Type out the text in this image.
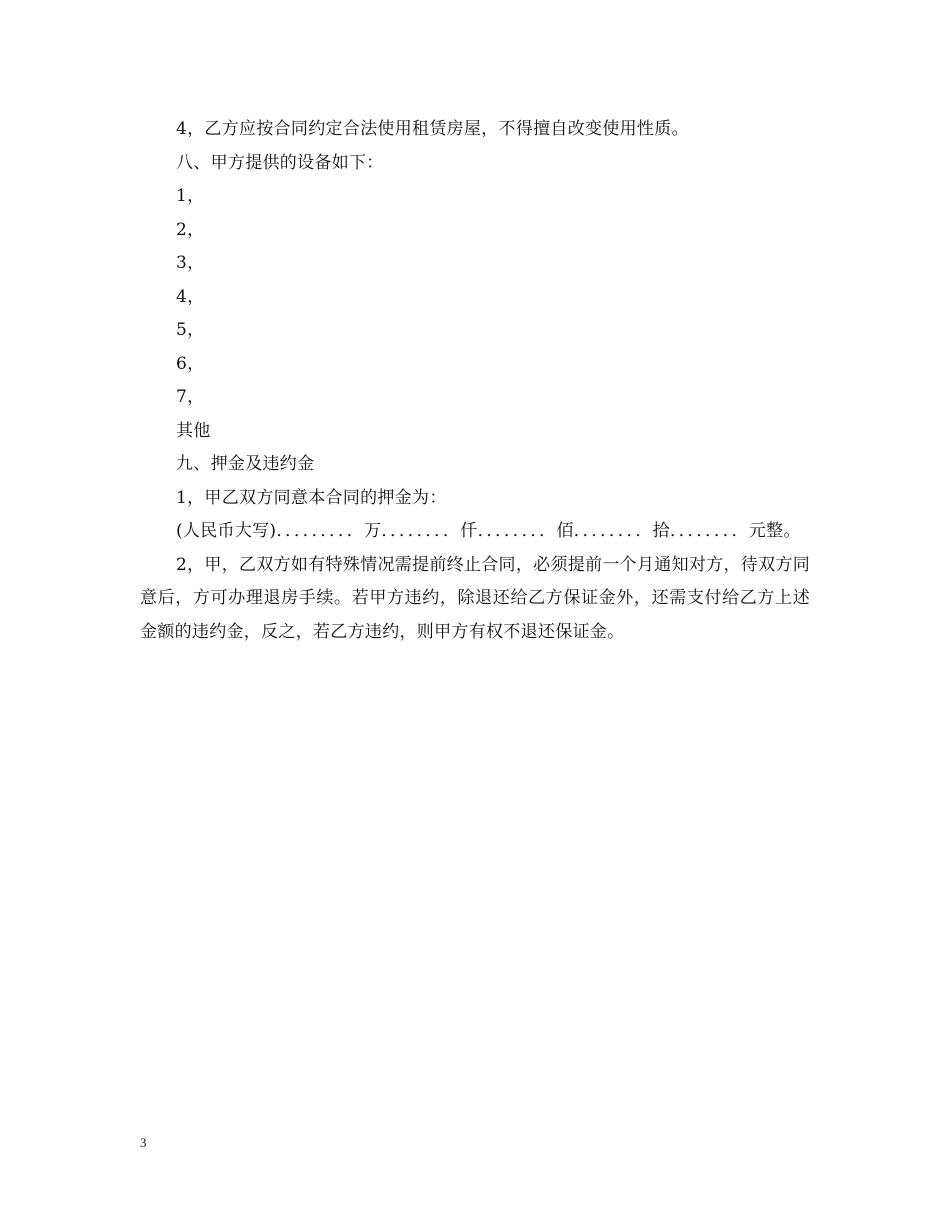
4，乙方应按合同约定合法使用租赁房屋，不得擅自改变使用性质。
八、甲方提供的设备如下：
1，
2，
3，
4，
5，
6，
7，
其他
九、押金及违约金
1，甲乙双方同意本合同的押金为：
(人民币大写)．．．．．．．．．万．．．．．．．．仟．．．．．．．．佰．．．．．．．．拾．．．．．．．．元整。

2，甲，乙双方如有特殊情况需提前终止合同，必须提前一个月通知对方，待双方同意后，方可办理退房手续。若甲方违约，除退还给乙方保证金外，还需支付给乙方上述金额的违约金，反之，若乙方违约，则甲方有权不退还保证金。

3
